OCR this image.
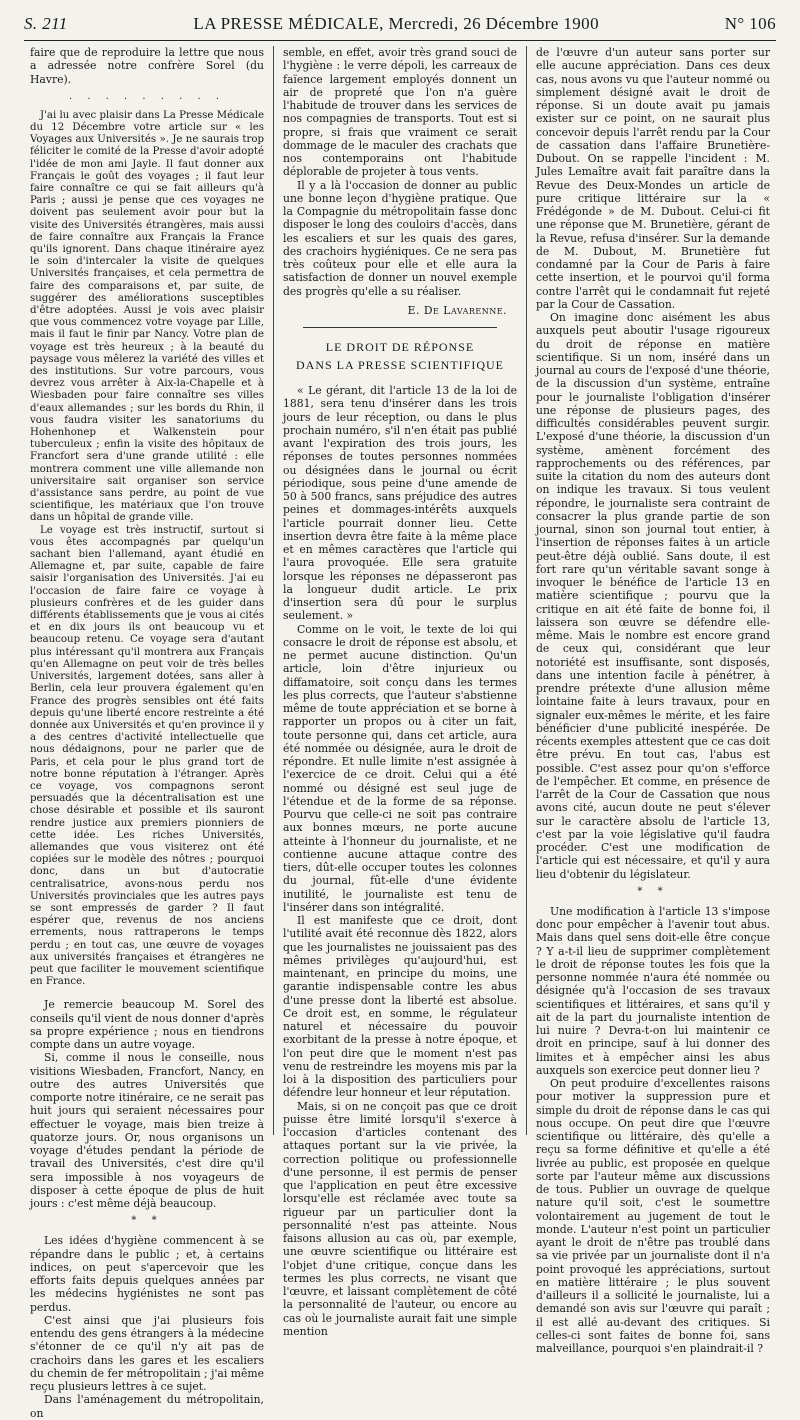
S. 211	LA PRESSE MÉDICALE, Mercredi, 26 Décembre 1900	N° 106

faire que de reproduire la lettre que nous a adressée notre confrère Sorel (du Havre).

. . . . . . . . .

J'ai lu avec plaisir dans La Presse Médicale du 12 Décembre votre article sur « les Voyages aux Universités ». Je ne saurais trop féliciter le comité de la Presse d'avoir adopté l'idée de mon ami Jayle. Il faut donner aux Français le goût des voyages ; il faut leur faire connaître ce qui se fait ailleurs qu'à Paris ; aussi je pense que ces voyages ne doivent pas seulement avoir pour but la visite des Universités étrangères, mais aussi de faire connaître aux Français la France qu'ils ignorent. Dans chaque itinéraire ayez le soin d'intercaler la visite de quelques Universités françaises, et cela permettra de faire des comparaisons et, par suite, de suggérer des améliorations susceptibles d'être adoptées. Aussi je vois avec plaisir que vous commencez votre voyage par Lille, mais il faut le finir par Nancy. Votre plan de voyage est très heureux ; à la beauté du paysage vous mêlerez la variété des villes et des institutions. Sur votre parcours, vous devrez vous arrêter à Aix-la-Chapelle et à Wiesbaden pour faire connaître ses villes d'eaux allemandes ; sur les bords du Rhin, il vous faudra visiter les sanatoriums du Hohenhonep et Walkenstein pour tuberculeux ; enfin la visite des hôpitaux de Francfort sera d'une grande utilité : elle montrera comment une ville allemande non universitaire sait organiser son service d'assistance sans perdre, au point de vue scientifique, les matériaux que l'on trouve dans un hôpital de grande ville.

Le voyage est très instructif, surtout si vous êtes accompagnés par quelqu'un sachant bien l'allemand, ayant étudié en Allemagne et, par suite, capable de faire saisir l'organisation des Universités. J'ai eu l'occasion de faire faire ce voyage à plusieurs confrères et de les guider dans différents établissements que je vous ai cités et en dix jours ils ont beaucoup vu et beaucoup retenu. Ce voyage sera d'autant plus intéressant qu'il montrera aux Français qu'en Allemagne on peut voir de très belles Universités, largement dotées, sans aller à Berlin, cela leur prouvera également qu'en France des progrès sensibles ont été faits depuis qu'une liberté encore restreinte a été donnée aux Universités et qu'en province il y a des centres d'activité intellectuelle que nous dédaignons, pour ne parler que de Paris, et cela pour le plus grand tort de notre bonne réputation à l'étranger. Après ce voyage, vos compagnons seront persuadés que la décentralisation est une chose désirable et possible et ils sauront rendre justice aux premiers pionniers de cette idée. Les riches Universités, allemandes que vous visiterez ont été copiées sur le modèle des nôtres ; pourquoi donc, dans un but d'autocratie centralisatrice, avons-nous perdu nos Universités provinciales que les autres pays se sont empressés de garder ? Il faut espérer que, revenus de nos anciens errements, nous rattraperons le temps perdu ; en tout cas, une œuvre de voyages aux universités françaises et étrangères ne peut que faciliter le mouvement scientifique en France.

Je remercie beaucoup M. Sorel des conseils qu'il vient de nous donner d'après sa propre expérience ; nous en tiendrons compte dans un autre voyage.

Si, comme il nous le conseille, nous visitions Wiesbaden, Francfort, Nancy, en outre des autres Universités que comporte notre itinéraire, ce ne serait pas huit jours qui seraient nécessaires pour effectuer le voyage, mais bien treize à quatorze jours. Or, nous organisons un voyage d'études pendant la période de travail des Universités, c'est dire qu'il sera impossible à nos voyageurs de disposer à cette époque de plus de huit jours : c'est même déjà beaucoup.

* *

Les idées d'hygiène commencent à se répandre dans le public ; et, à certains indices, on peut s'apercevoir que les efforts faits depuis quelques années par les médecins hygiénistes ne sont pas perdus.

C'est ainsi que j'ai plusieurs fois entendu des gens étrangers à la médecine s'étonner de ce qu'il n'y ait pas de crachoirs dans les gares et les escaliers du chemin de fer métropolitain ; j'ai même reçu plusieurs lettres à ce sujet.

Dans l'aménagement du métropolitain, on

semble, en effet, avoir très grand souci de l'hygiène : le verre dépoli, les carreaux de faïence largement employés donnent un air de propreté que l'on n'a guère l'habitude de trouver dans les services de nos compagnies de transports. Tout est si propre, si frais que vraiment ce serait dommage de le maculer des crachats que nos contemporains ont l'habitude déplorable de projeter à tous vents.

Il y a là l'occasion de donner au public une bonne leçon d'hygiène pratique. Que la Compagnie du métropolitain fasse donc disposer le long des couloirs d'accès, dans les escaliers et sur les quais des gares, des crachoirs hygiéniques. Ce ne sera pas très coûteux pour elle et elle aura la satisfaction de donner un nouvel exemple des progrès qu'elle a su réaliser.

E. De Lavarenne.
LE DROIT DE RÉPONSE
DANS LA PRESSE SCIENTIFIQUE

« Le gérant, dit l'article 13 de la loi de 1881, sera tenu d'insérer dans les trois jours de leur réception, ou dans le plus prochain numéro, s'il n'en était pas publié avant l'expiration des trois jours, les réponses de toutes personnes nommées ou désignées dans le journal ou écrit périodique, sous peine d'une amende de 50 à 500 francs, sans préjudice des autres peines et dommages-intérêts auxquels l'article pourrait donner lieu. Cette insertion devra être faite à la même place et en mêmes caractères que l'article qui l'aura provoquée. Elle sera gratuite lorsque les réponses ne dépasseront pas la longueur dudit article. Le prix d'insertion sera dû pour le surplus seulement. »

Comme on le voit, le texte de loi qui consacre le droit de réponse est absolu, et ne permet aucune distinction. Qu'un article, loin d'être injurieux ou diffamatoire, soit conçu dans les termes les plus corrects, que l'auteur s'abstienne même de toute appréciation et se borne à rapporter un propos ou à citer un fait, toute personne qui, dans cet article, aura été nommée ou désignée, aura le droit de répondre. Et nulle limite n'est assignée à l'exercice de ce droit. Celui qui a été nommé ou désigné est seul juge de l'étendue et de la forme de sa réponse. Pourvu que celle-ci ne soit pas contraire aux bonnes mœurs, ne porte aucune atteinte à l'honneur du journaliste, et ne contienne aucune attaque contre des tiers, dût-elle occuper toutes les colonnes du journal, fût-elle d'une évidente inutilité, le journaliste est tenu de l'insérer dans son intégralité.

Il est manifeste que ce droit, dont l'utilité avait été reconnue dès 1822, alors que les journalistes ne jouissaient pas des mêmes privilèges qu'aujourd'hui, est maintenant, en principe du moins, une garantie indispensable contre les abus d'une presse dont la liberté est absolue. Ce droit est, en somme, le régulateur naturel et nécessaire du pouvoir exorbitant de la presse à notre époque, et l'on peut dire que le moment n'est pas venu de restreindre les moyens mis par la loi à la disposition des particuliers pour défendre leur honneur et leur réputation.

Mais, si on ne conçoit pas que ce droit puisse être limité lorsqu'il s'exerce à l'occasion d'articles contenant des attaques portant sur la vie privée, la correction politique ou professionnelle d'une personne, il est permis de penser que l'application en peut être excessive lorsqu'elle est réclamée avec toute sa rigueur par un particulier dont la personnalité n'est pas atteinte. Nous faisons allusion au cas où, par exemple, une œuvre scientifique ou littéraire est l'objet d'une critique, conçue dans les termes les plus corrects, ne visant que l'œuvre, et laissant complètement de côté la personnalité de l'auteur, ou encore au cas où le journaliste aurait fait une simple mention

de l'œuvre d'un auteur sans porter sur elle aucune appréciation. Dans ces deux cas, nous avons vu que l'auteur nommé ou simplement désigné avait le droit de réponse. Si un doute avait pu jamais exister sur ce point, on ne saurait plus concevoir depuis l'arrêt rendu par la Cour de cassation dans l'affaire Brunetière-Dubout. On se rappelle l'incident : M. Jules Lemaître avait fait paraître dans la Revue des Deux-Mondes un article de pure critique littéraire sur la « Frédégonde » de M. Dubout. Celui-ci fit une réponse que M. Brunetière, gérant de la Revue, refusa d'insérer. Sur la demande de M. Dubout, M. Brunetière fut condamné par la Cour de Paris à faire cette insertion, et le pourvoi qu'il forma contre l'arrêt qui le condamnait fut rejeté par la Cour de Cassation.

On imagine donc aisément les abus auxquels peut aboutir l'usage rigoureux du droit de réponse en matière scientifique. Si un nom, inséré dans un journal au cours de l'exposé d'une théorie, de la discussion d'un système, entraîne pour le journaliste l'obligation d'insérer une réponse de plusieurs pages, des difficultés considérables peuvent surgir. L'exposé d'une théorie, la discussion d'un système, amènent forcément des rapprochements ou des références, par suite la citation du nom des auteurs dont on indique les travaux. Si tous veulent répondre, le journaliste sera contraint de consacrer la plus grande partie de son journal, sinon son journal tout entier, à l'insertion de réponses faites à un article peut-être déjà oublié. Sans doute, il est fort rare qu'un véritable savant songe à invoquer le bénéfice de l'article 13 en matière scientifique ; pourvu que la critique en ait été faite de bonne foi, il laissera son œuvre se défendre elle-même. Mais le nombre est encore grand de ceux qui, considérant que leur notoriété est insuffisante, sont disposés, dans une intention facile à pénétrer, à prendre prétexte d'une allusion même lointaine faite à leurs travaux, pour en signaler eux-mêmes le mérite, et les faire bénéficier d'une publicité inespérée. De récents exemples attestent que ce cas doit être prévu. En tout cas, l'abus est possible. C'est assez pour qu'on s'efforce de l'empêcher. Et comme, en présence de l'arrêt de la Cour de Cassation que nous avons cité, aucun doute ne peut s'élever sur le caractère absolu de l'article 13, c'est par la voie législative qu'il faudra procéder. C'est une modification de l'article qui est nécessaire, et qu'il y aura lieu d'obtenir du législateur.

* *

Une modification à l'article 13 s'impose donc pour empêcher à l'avenir tout abus. Mais dans quel sens doit-elle être conçue ? Y a-t-il lieu de supprimer complètement le droit de réponse toutes les fois que la personne nommée n'aura été nommée ou désignée qu'à l'occasion de ses travaux scientifiques et littéraires, et sans qu'il y ait de la part du journaliste intention de lui nuire ? Devra-t-on lui maintenir ce droit en principe, sauf à lui donner des limites et à empêcher ainsi les abus auxquels son exercice peut donner lieu ?

On peut produire d'excellentes raisons pour motiver la suppression pure et simple du droit de réponse dans le cas qui nous occupe. On peut dire que l'œuvre scientifique ou littéraire, dès qu'elle a reçu sa forme définitive et qu'elle a été livrée au public, est proposée en quelque sorte par l'auteur même aux discussions de tous. Publier un ouvrage de quelque nature qu'il soit, c'est le soumettre volontairement au jugement de tout le monde. L'auteur n'est point un particulier ayant le droit de n'être pas troublé dans sa vie privée par un journaliste dont il n'a point provoqué les appréciations, surtout en matière littéraire ; le plus souvent d'ailleurs il a sollicité le journaliste, lui a demandé son avis sur l'œuvre qui paraît ; il est allé au-devant des critiques. Si celles-ci sont faites de bonne foi, sans malveillance, pourquoi s'en plaindrait-il ?
